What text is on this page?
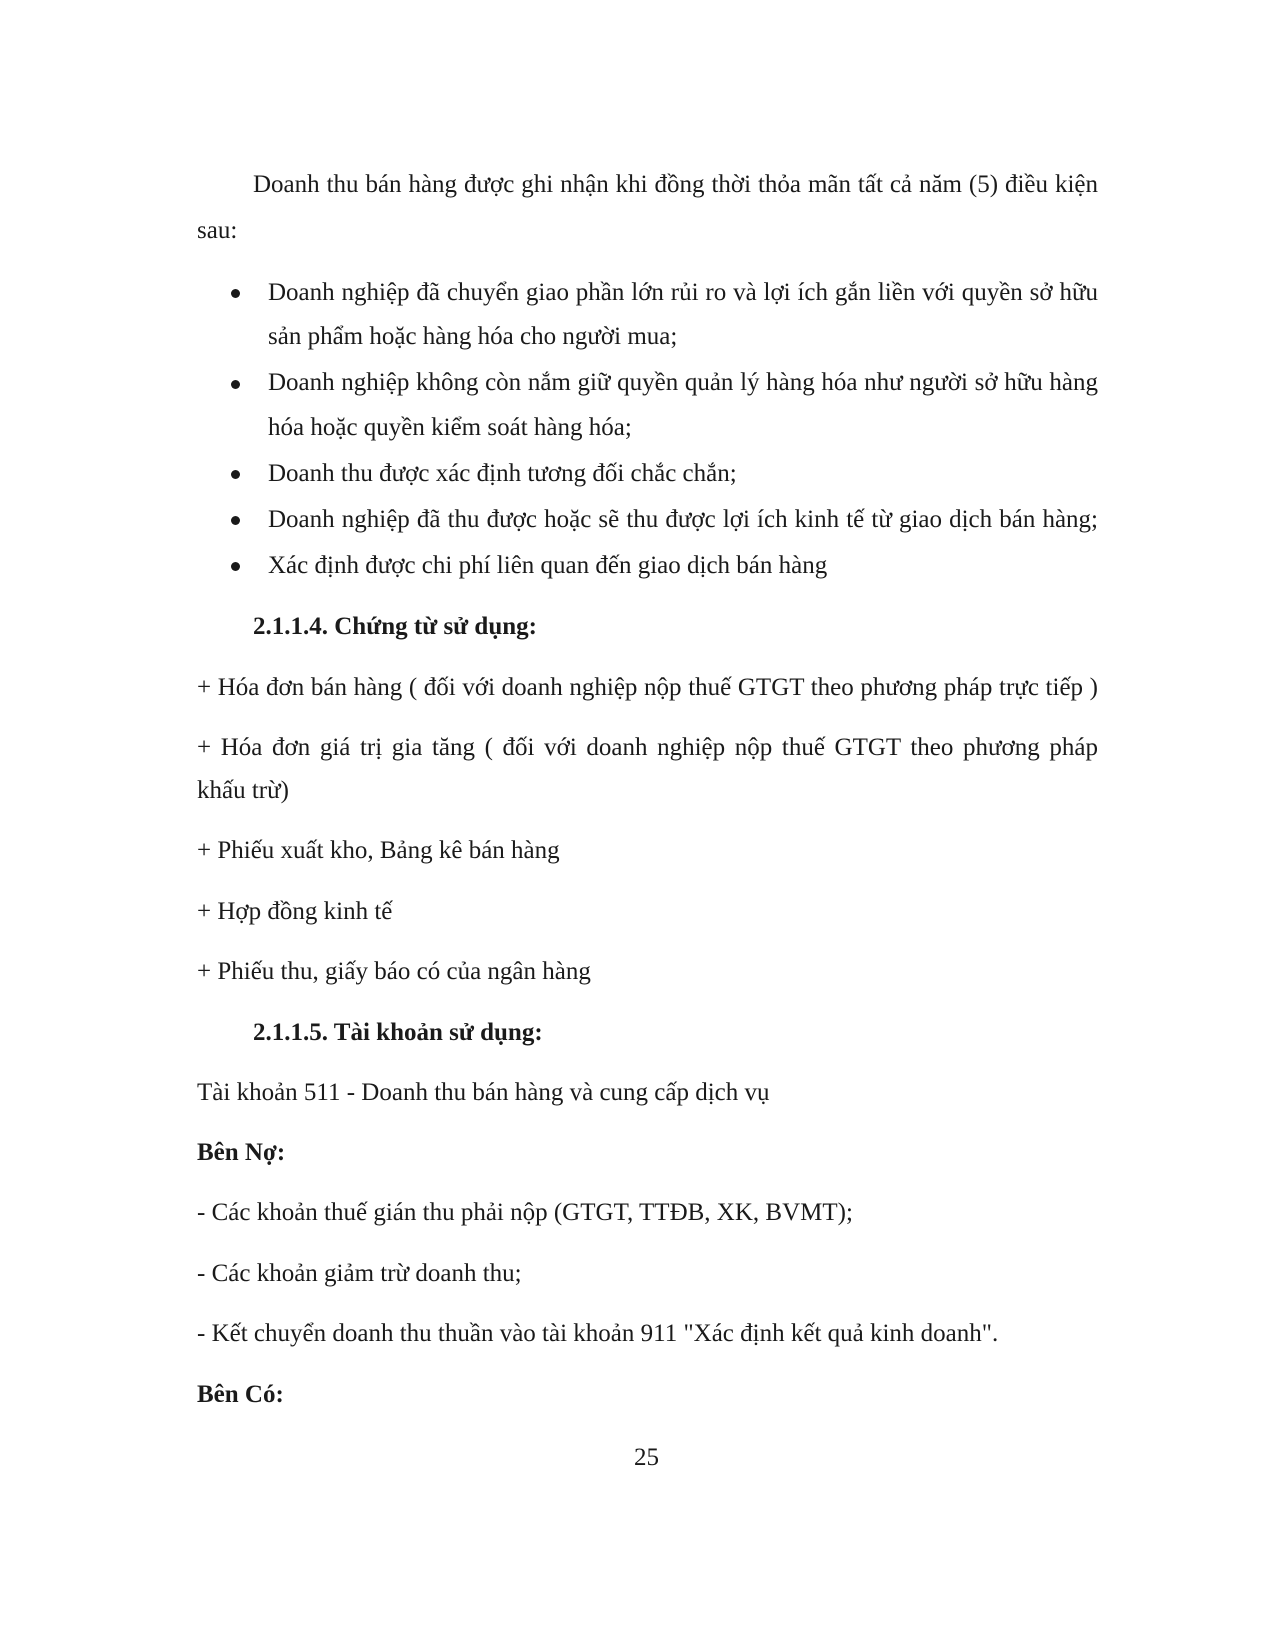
Doanh thu bán hàng được ghi nhận khi đồng thời thỏa mãn tất cả năm (5) điều kiện
sau:
Doanh nghiệp đã chuyển giao phần lớn rủi ro và lợi ích gắn liền với quyền sở hữu
sản phẩm hoặc hàng hóa cho người mua;
Doanh nghiệp không còn nắm giữ quyền quản lý hàng hóa như người sở hữu hàng
hóa hoặc quyền kiểm soát hàng hóa;
Doanh thu được xác định tương đối chắc chắn;
Doanh nghiệp đã thu được hoặc sẽ thu được lợi ích kinh tế từ giao dịch bán hàng;
Xác định được chi phí liên quan đến giao dịch bán hàng
2.1.1.4. Chứng từ sử dụng:
+ Hóa đơn bán hàng ( đối với doanh nghiệp nộp thuế GTGT theo phương pháp trực tiếp )
+ Hóa đơn giá trị gia tăng ( đối với doanh nghiệp nộp thuế GTGT theo phương pháp
khấu trừ)
+ Phiếu xuất kho, Bảng kê bán hàng
+ Hợp đồng kinh tế
+ Phiếu thu, giấy báo có của ngân hàng
2.1.1.5. Tài khoản sử dụng:
Tài khoản 511 - Doanh thu bán hàng và cung cấp dịch vụ
Bên Nợ:
- Các khoản thuế gián thu phải nộp (GTGT, TTĐB, XK, BVMT);
- Các khoản giảm trừ doanh thu;
- Kết chuyển doanh thu thuần vào tài khoản 911 "Xác định kết quả kinh doanh".
Bên Có:
25
